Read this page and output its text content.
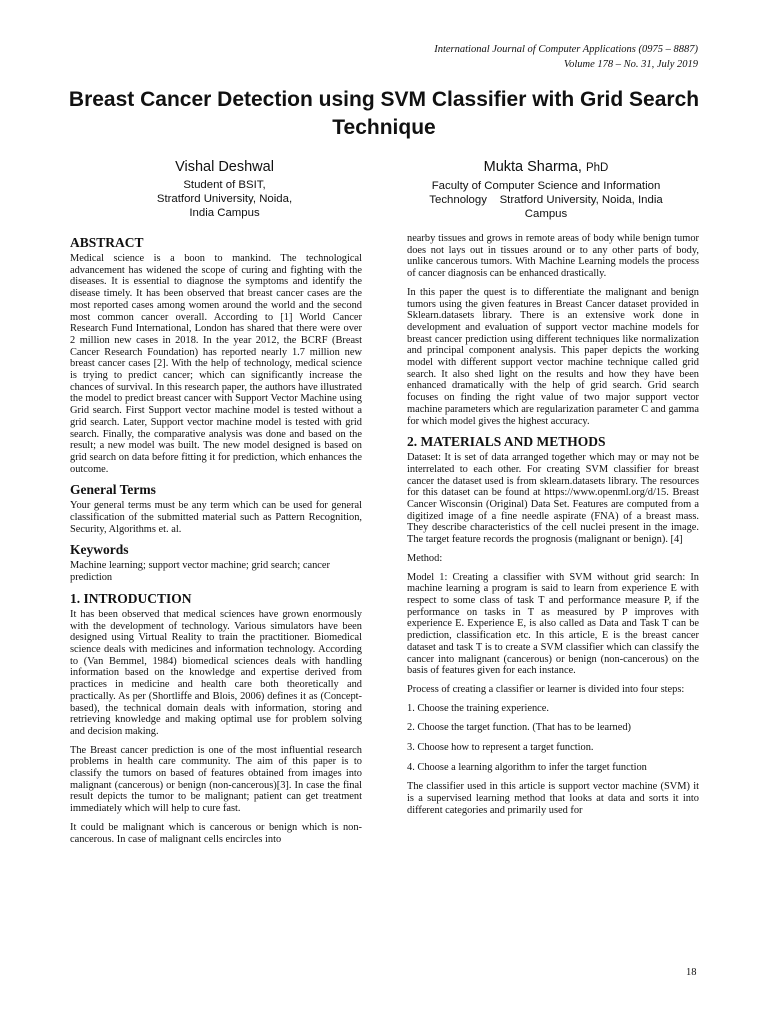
International Journal of Computer Applications (0975 – 8887)
Volume 178 – No. 31, July 2019
Breast Cancer Detection using SVM Classifier with Grid Search Technique
Vishal Deshwal
Student of BSIT,
Stratford University, Noida,
India Campus
Mukta Sharma, PhD
Faculty of Computer Science and Information
Technology    Stratford University, Noida, India
Campus
ABSTRACT

Medical science is a boon to mankind. The technological advancement has widened the scope of curing and fighting with the diseases. It is essential to diagnose the symptoms and identify the disease timely. It has been observed that breast cancer cases are the most reported cases among women around the world and the second most common cancer overall. According to [1] World Cancer Research Fund International, London has shared that there were over 2 million new cases in 2018. In the year 2012, the BCRF (Breast Cancer Research Foundation) has reported nearly 1.7 million new breast cancer cases [2]. With the help of technology, medical science is trying to predict cancer; which can significantly increase the chances of survival. In this research paper, the authors have illustrated the model to predict breast cancer with Support Vector Machine using Grid search. First Support vector machine model is tested without a grid search. Later, Support vector machine model is tested with grid search. Finally, the comparative analysis was done and based on the result; a new model was built. The new model designed is based on grid search on data before fitting it for prediction, which enhances the outcome.

General Terms

Your general terms must be any term which can be used for general classification of the submitted material such as Pattern Recognition, Security, Algorithms et. al.

Keywords

Machine learning; support vector machine; grid search; cancer prediction

1. INTRODUCTION

It has been observed that medical sciences have grown enormously with the development of technology. Various simulators have been designed using Virtual Reality to train the practitioner. Biomedical science deals with medicines and information technology. According to (Van Bemmel, 1984) biomedical sciences deals with handling information based on the knowledge and expertise derived from practices in medicine and health care both theoretically and practically. As per (Shortliffe and Blois, 2006) defines it as (Concept-based), the technical domain deals with information, storing and retrieving knowledge and making optimal use for problem solving and decision making.

The Breast cancer prediction is one of the most influential research problems in health care community. The aim of this paper is to classify the tumors on based of features obtained from images into malignant (cancerous) or benign (non-cancerous)[3]. In case the final result depicts the tumor to be malignant; patient can get treatment immediately which will help to cure fast.

It could be malignant which is cancerous or benign which is non-cancerous. In case of malignant cells encircles into

nearby tissues and grows in remote areas of body while benign tumor does not lays out in tissues around or to any other parts of body, unlike cancerous tumors. With Machine Learning models the process of cancer diagnosis can be enhanced drastically.

In this paper the quest is to differentiate the malignant and benign tumors using the given features in Breast Cancer dataset provided in Sklearn.datasets library. There is an extensive work done in development and evaluation of support vector machine models for breast cancer prediction using different techniques like normalization and principal component analysis. This paper depicts the working model with different support vector machine technique called grid search. It also shed light on the results and how they have been enhanced dramatically with the help of grid search. Grid search focuses on finding the right value of two major support vector machine parameters which are regularization parameter C and gamma for which model gives the highest accuracy.

2. MATERIALS AND METHODS

Dataset: It is set of data arranged together which may or may not be interrelated to each other. For creating SVM classifier for breast cancer the dataset used is from sklearn.datasets library. The resources for this dataset can be found at https://www.openml.org/d/15. Breast Cancer Wisconsin (Original) Data Set. Features are computed from a digitized image of a fine needle aspirate (FNA) of a breast mass. They describe characteristics of the cell nuclei present in the image. The target feature records the prognosis (malignant or benign). [4]

Method:

Model 1: Creating a classifier with SVM without grid search: In machine learning a program is said to learn from experience E with respect to some class of task T and performance measure P, if the performance on tasks in T as measured by P improves with experience E. Experience E, is also called as Data and Task T can be prediction, classification etc. In this article, E is the breast cancer dataset and task T is to create a SVM classifier which can classify the cancer into malignant (cancerous) or benign (non-cancerous) on the basis of features given for each instance.

Process of creating a classifier or learner is divided into four steps:

1. Choose the training experience.

2. Choose the target function. (That has to be learned)

3. Choose how to represent a target function.

4. Choose a learning algorithm to infer the target function

The classifier used in this article is support vector machine (SVM) it is a supervised learning method that looks at data and sorts it into different categories and primarily used for

18
